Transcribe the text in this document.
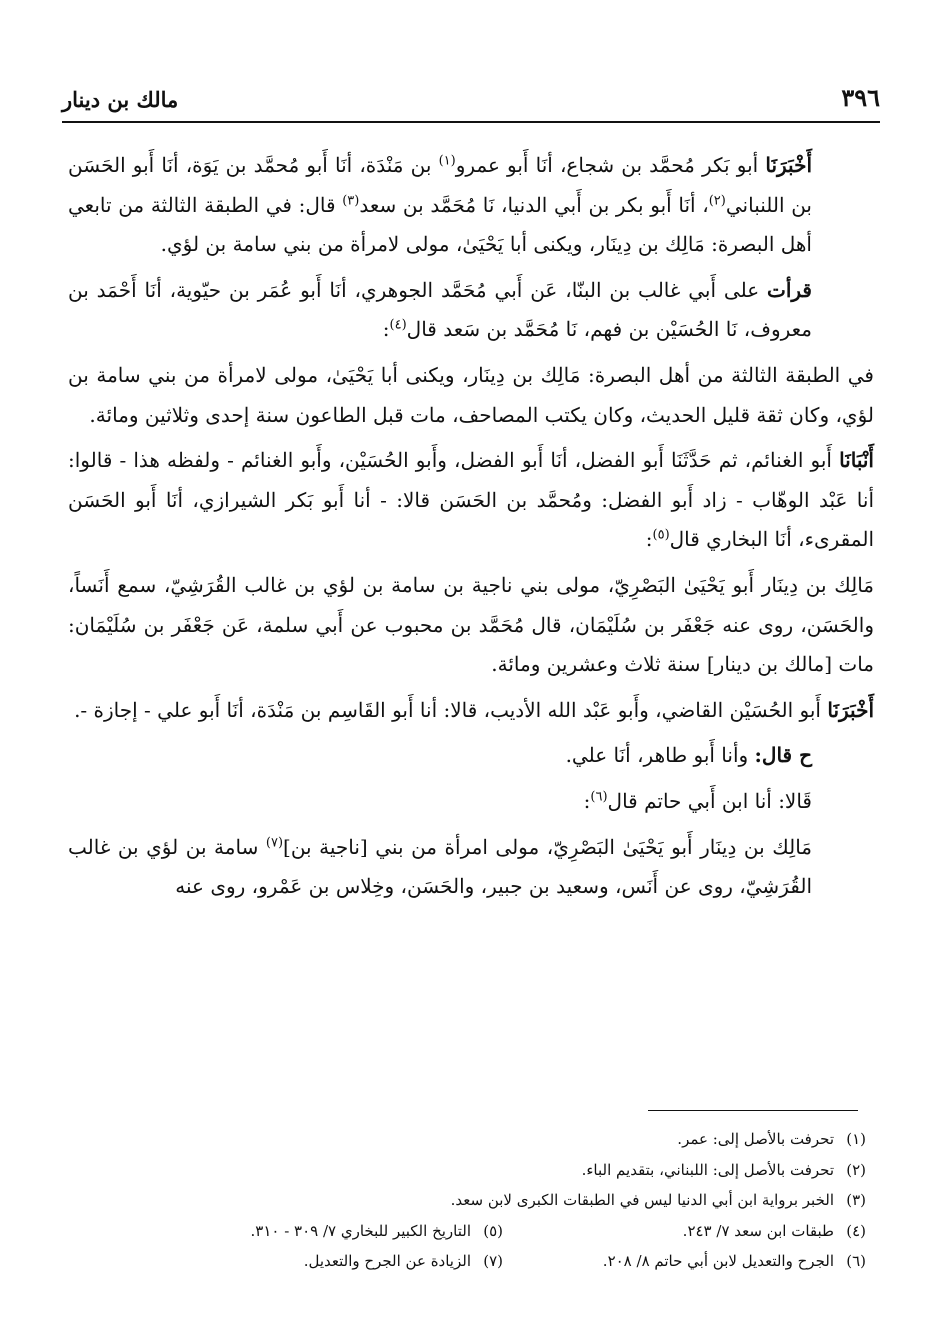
٣٩٦
مالك بن دينار

أَخْبَرَنَا أبو بَكر مُحمَّد بن شجاع، أنَا أَبو عمرو$^{(١)}$ بن مَنْدَة، أنَا أَبو مُحمَّد بن يَوَة، أنَا أَبو الحَسَن بن اللنباني$^{(٢)}$، أنَا أَبو بكر بن أَبي الدنيا، نَا مُحَمَّد بن سعد$^{(٣)}$ قال: في الطبقة الثالثة من تابعي أهل البصرة: مَالِك بن دِينَار، ويكنى أبا يَحْيَىٰ، مولى لامرأة من بني سامة بن لؤي.

قرأت على أَبي غالب بن البنّا، عَن أَبي مُحَمَّد الجوهري، أنَا أَبو عُمَر بن حيّوية، أنَا أَحْمَد بن معروف، نَا الحُسَيْن بن فهم، نَا مُحَمَّد بن سَعد قال$^{(٤)}$:

في الطبقة الثالثة من أهل البصرة: مَالِك بن دِينَار، ويكنى أبا يَحْيَىٰ، مولى لامرأة من بني سامة بن لؤي، وكان ثقة قليل الحديث، وكان يكتب المصاحف، مات قبل الطاعون سنة إحدى وثلاثين ومائة.

أَنْبَانَا أَبو الغنائم، ثم حَدَّثَنَا أَبو الفضل، أنَا أَبو الفضل، وأَبو الحُسَيْن، وأَبو الغنائم - ولفظه هذا - قالوا: أنا عَبْد الوهّاب - زاد أَبو الفضل: ومُحمَّد بن الحَسَن قالا: - أنا أَبو بَكر الشيرازي، أنَا أَبو الحَسَن المقرىء، أنَا البخاري قال$^{(٥)}$:

مَالِك بن دِينَار أَبو يَحْيَىٰ البَصْرِيّ، مولى بني ناجية بن سامة بن لؤي بن غالب القُرَشِيّ، سمع أَنَساً، والحَسَن، روى عنه جَعْفَر بن سُلَيْمَان، قال مُحَمَّد بن محبوب عن أَبي سلمة، عَن جَعْفَر بن سُلَيْمَان: مات [مالك بن دينار] سنة ثلاث وعشرين ومائة.

أَخْبَرَنَا أَبو الحُسَيْن القاضي، وأَبو عَبْد الله الأديب، قالا: أنا أَبو القَاسِم بن مَنْدَة، أنَا أَبو علي - إجازة -.

ح قال: وأنا أَبو طاهر، أنَا علي.

قَالا: أنا ابن أَبي حاتم قال$^{(٦)}$:

مَالِك بن دِينَار أَبو يَحْيَىٰ البَصْرِيّ، مولى امرأة من بني [ناجية بن]$^{(٧)}$ سامة بن لؤي بن غالب القُرَشِيّ، روى عن أَنَس، وسعيد بن جبير، والحَسَن، وخِلاس بن عَمْرو، روى عنه

(١)
تحرفت بالأصل إلى: عمر.
(٢)
تحرفت بالأصل إلى: اللبناني، بتقديم الباء.
(٣)
الخبر برواية ابن أبي الدنيا ليس في الطبقات الكبرى لابن سعد.
(٤)
طبقات ابن سعد ٧/ ٢٤٣.
(٥)
التاريخ الكبير للبخاري ٧/ ٣٠٩ - ٣١٠.
(٦)
الجرح والتعديل لابن أبي حاتم ٨/ ٢٠٨.
(٧)
الزيادة عن الجرح والتعديل.
